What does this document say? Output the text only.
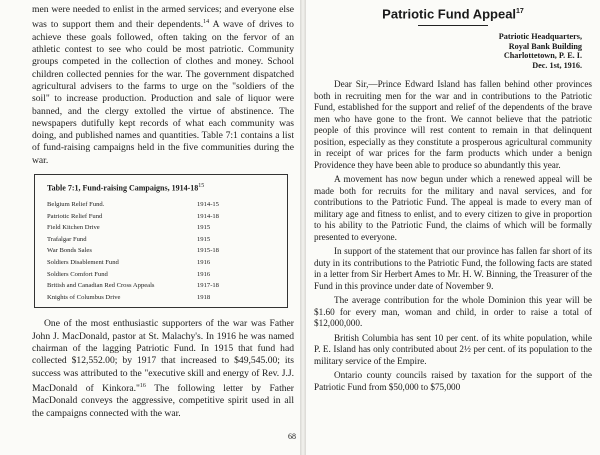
men were needed to enlist in the armed services; and everyone else was to support them and their dependents.$^{14}$ A wave of drives to achieve these goals followed, often taking on the fervor of an athletic contest to see who could be most patriotic. Community groups competed in the collection of clothes and money. School children collected pennies for the war. The government dispatched agricultural advisers to the farms to urge on the "soldiers of the soil" to increase production. Production and sale of liquor were banned, and the clergy extolled the virtue of abstinence. The newspapers dutifully kept records of what each community was doing, and published names and quantities. Table 7:1 contains a list of fund-raising campaigns held in the five communities during the war.

Table 7:1, Fund-raising Campaigns, $1914-18^{15}$
Belgium Relief Fund.	1914-15
Patriotic Relief Fund	1914-18
Field Kitchen Drive	1915
Trafalgar Fund	1915
War Bonds Sales	1915-18
Soldiers Disablement Fund	1916
Soldiers Comfort Fund	1916
British and Canadian Red Cross Appeals	1917-18
Knights of Columbus Drive	1918

One of the most enthusiastic supporters of the war was Father John J. MacDonald, pastor at St. Malachy's. In 1916 he was named chairman of the lagging Patriotic Fund. In 1915 that fund had collected $12,552.00; by 1917 that increased to $49,545.00; its success was attributed to the "executive skill and energy of Rev. J.J. MacDonald of Kinkora."$^{16}$ The following letter by Father MacDonald conveys the aggressive, competitive spirit used in all the campaigns connected with the war.

68
Patriotic Fund Appeal$^{17}$
Patriotic Headquarters,
Royal Bank Building
Charlottetown, P. E. I.
Dec. 1st, 1916.

Dear Sir,—Prince Edward Island has fallen behind other provinces both in recruiting men for the war and in contributions to the Patriotic Fund, established for the support and relief of the dependents of the brave men who have gone to the front. We cannot believe that the patriotic people of this province will rest content to remain in that delinquent position, especially as they constitute a prosperous agricultural community in receipt of war prices for the farm products which under a benign Providence they have been able to produce so abundantly this year.

A movement has now begun under which a renewed appeal will be made both for recruits for the military and naval services, and for contributions to the Patriotic Fund. The appeal is made to every man of military age and fitness to enlist, and to every citizen to give in proportion to his ability to the Patriotic Fund, the claims of which will be formally presented to everyone.

In support of the statement that our province has fallen far short of its duty in its contributions to the Patriotic Fund, the following facts are stated in a letter from Sir Herbert Ames to Mr. H. W. Binning, the Treasurer of the Fund in this province under date of November 9.

The average contribution for the whole Dominion this year will be $1.60 for every man, woman and child, in order to raise a total of $12,000,000.

British Columbia has sent 10 per cent. of its white population, while P. E. Island has only contributed about 2½ per cent. of its population to the military service of the Empire.

Ontario county councils raised by taxation for the support of the Patriotic Fund from $50,000 to $75,000
